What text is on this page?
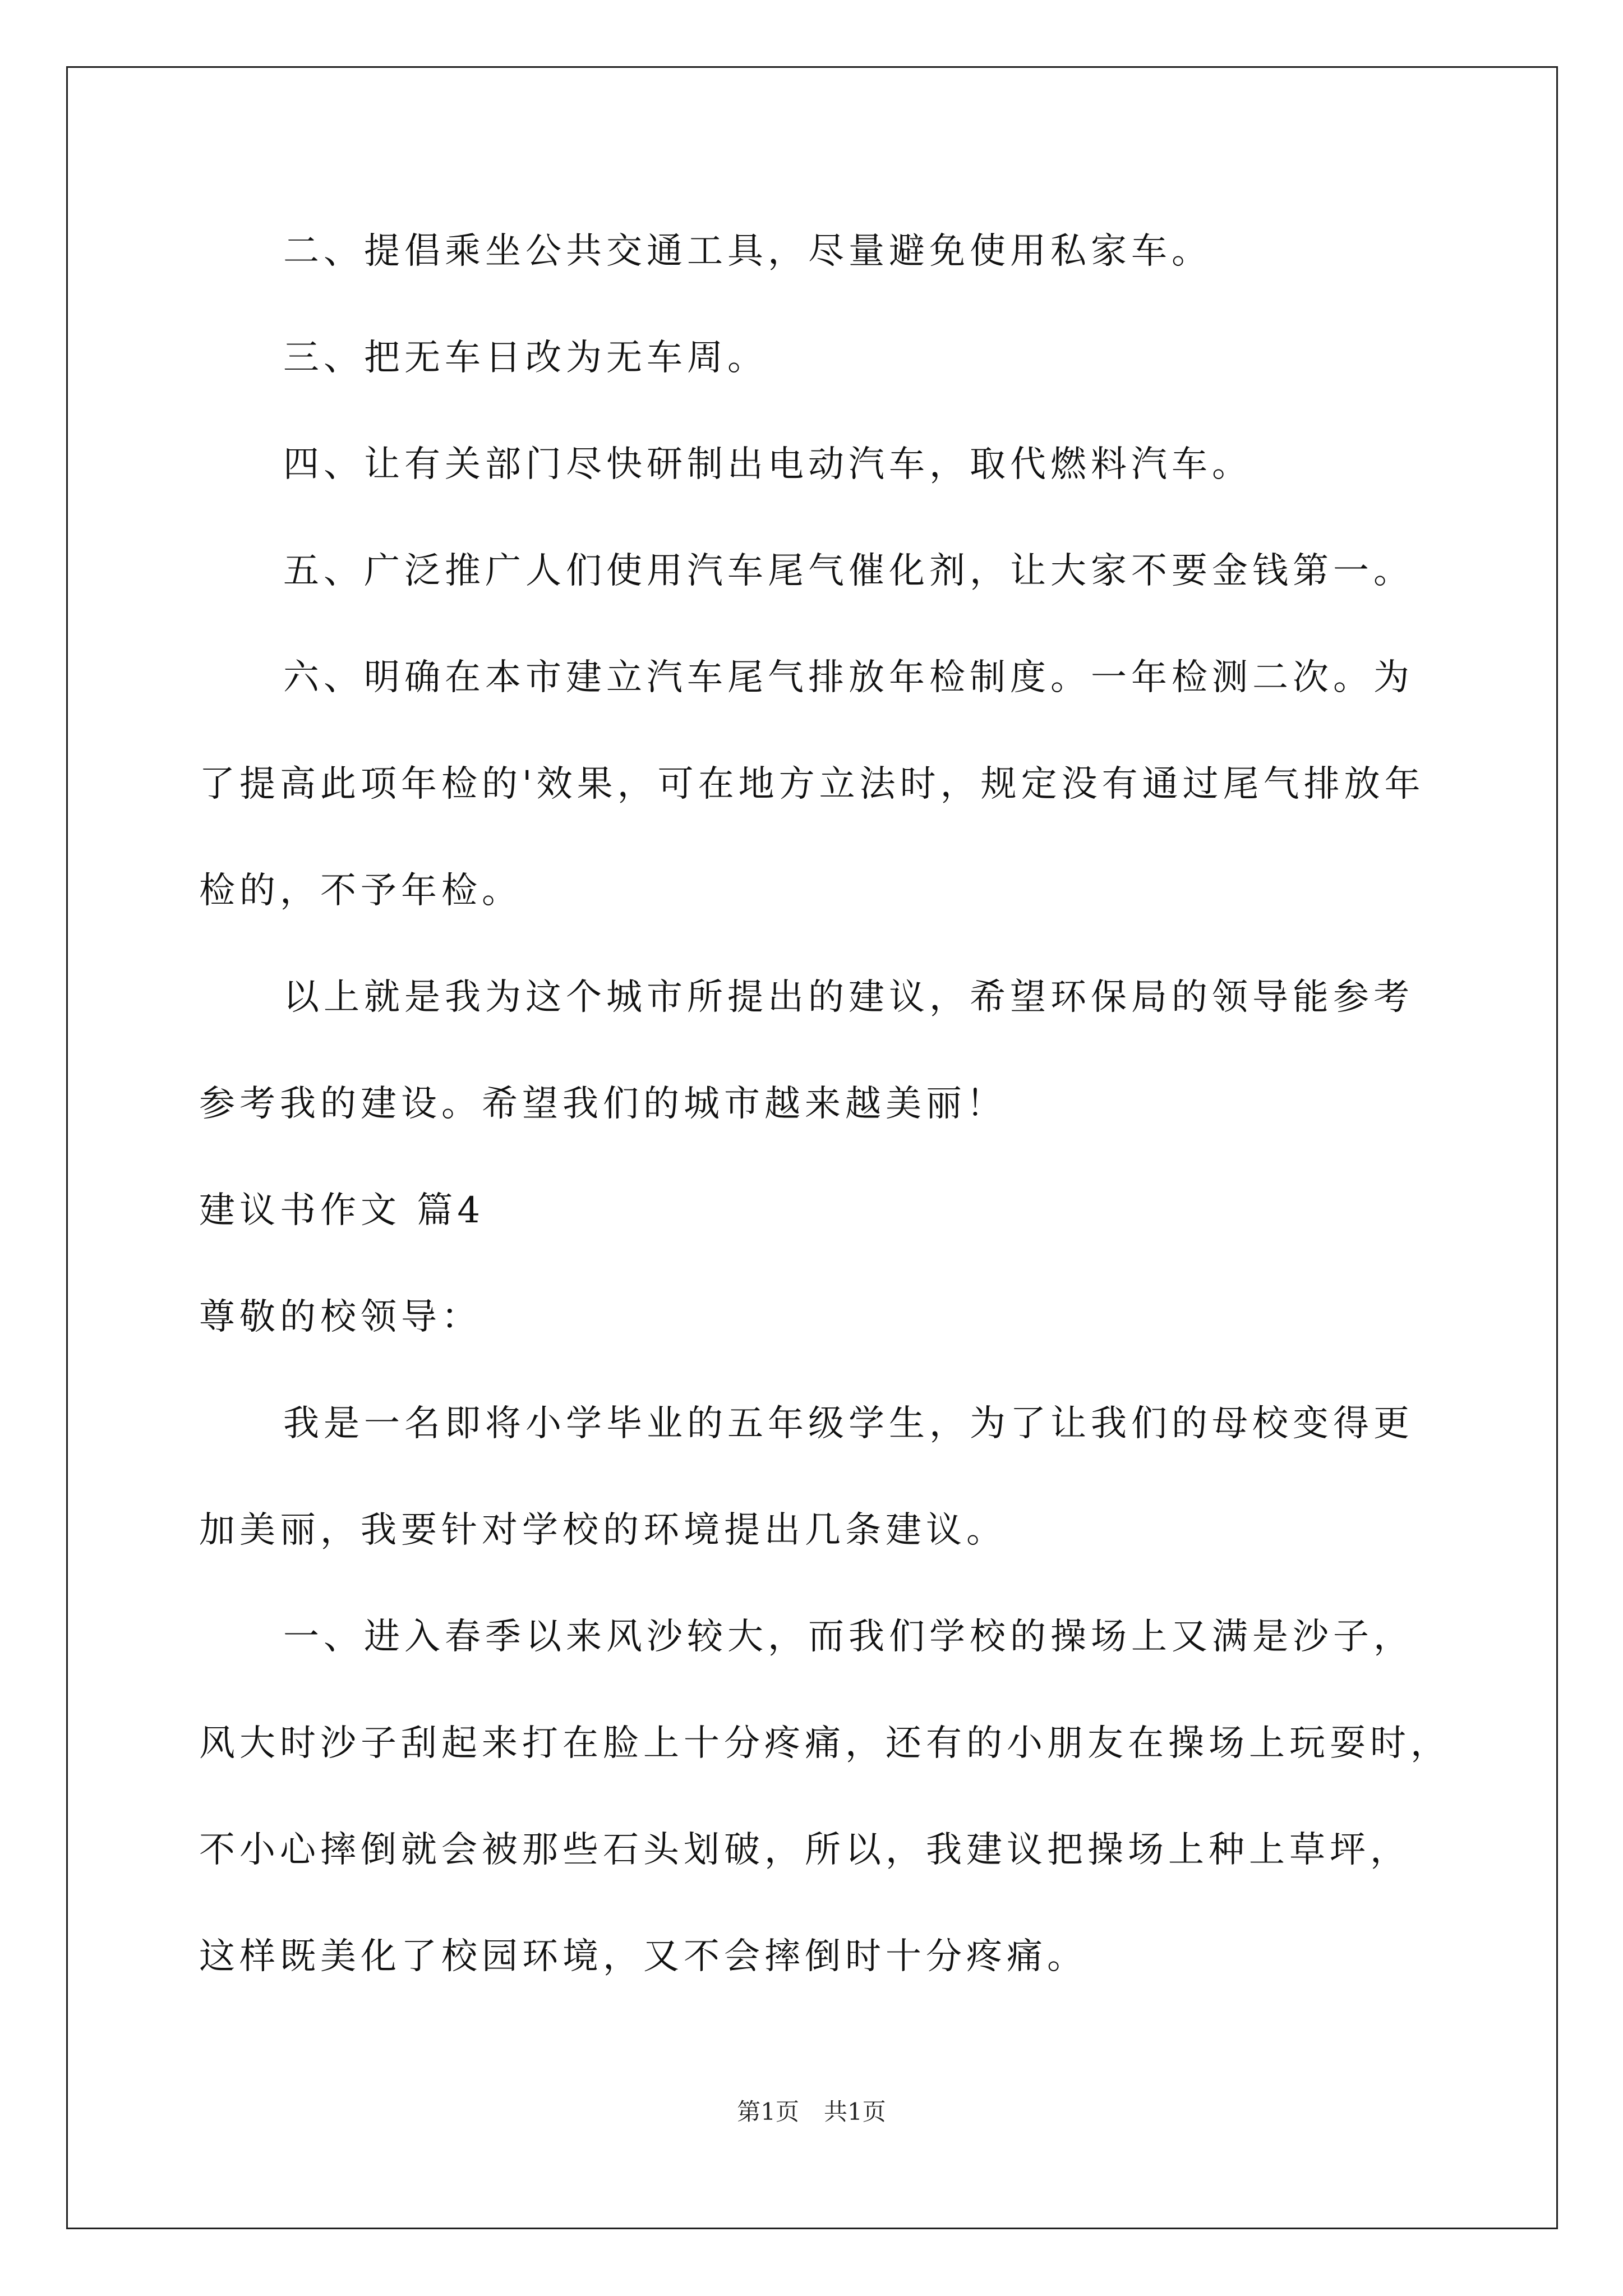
二、提倡乘坐公共交通工具，尽量避免使用私家车。
三、把无车日改为无车周。
四、让有关部门尽快研制出电动汽车，取代燃料汽车。
五、广泛推广人们使用汽车尾气催化剂，让大家不要金钱第一。
六、明确在本市建立汽车尾气排放年检制度。一年检测二次。为
了提高此项年检的'效果，可在地方立法时，规定没有通过尾气排放年
检的，不予年检。
以上就是我为这个城市所提出的建议，希望环保局的领导能参考
参考我的建设。希望我们的城市越来越美丽！
建议书作文 篇4
尊敬的校领导：
我是一名即将小学毕业的五年级学生，为了让我们的母校变得更
加美丽，我要针对学校的环境提出几条建议。
一、进入春季以来风沙较大，而我们学校的操场上又满是沙子，
风大时沙子刮起来打在脸上十分疼痛，还有的小朋友在操场上玩耍时，
不小心摔倒就会被那些石头划破，所以，我建议把操场上种上草坪，
这样既美化了校园环境，又不会摔倒时十分疼痛。
第1页 共1页
